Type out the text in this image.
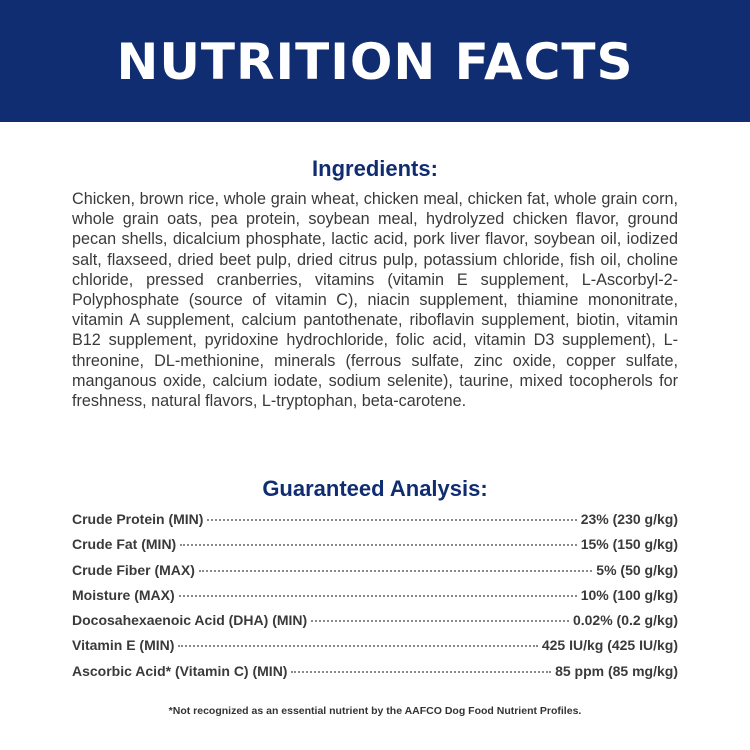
NUTRITION FACTS
Ingredients:
Chicken, brown rice, whole grain wheat, chicken meal, chicken fat, whole grain corn, whole grain oats, pea protein, soybean meal, hydrolyzed chicken flavor, ground pecan shells, dicalcium phosphate, lactic acid, pork liver flavor, soybean oil, iodized salt, flaxseed, dried beet pulp, dried citrus pulp, potassium chloride, fish oil, choline chloride, pressed cranberries, vitamins (vitamin E supplement, L-Ascorbyl-2-Polyphosphate (source of vitamin C), niacin supplement, thiamine mononitrate, vitamin A supplement, calcium pantothenate, riboflavin supplement, biotin, vitamin B12 supplement, pyridoxine hydrochloride, folic acid, vitamin D3 supplement), L-threonine, DL-methionine, minerals (ferrous sulfate, zinc oxide, copper sulfate, manganous oxide, calcium iodate, sodium selenite), taurine, mixed tocopherols for freshness, natural flavors, L-tryptophan, beta-carotene.
Guaranteed Analysis:
Crude Protein (MIN)	23% (230 g/kg)
Crude Fat (MIN)	15% (150 g/kg)
Crude Fiber (MAX)	5% (50 g/kg)
Moisture (MAX)	10% (100 g/kg)
Docosahexaenoic Acid (DHA) (MIN)	0.02% (0.2 g/kg)
Vitamin E (MIN)	425 IU/kg (425 IU/kg)
Ascorbic Acid* (Vitamin C) (MIN)	85 ppm (85 mg/kg)
*Not recognized as an essential nutrient by the AAFCO Dog Food Nutrient Profiles.
